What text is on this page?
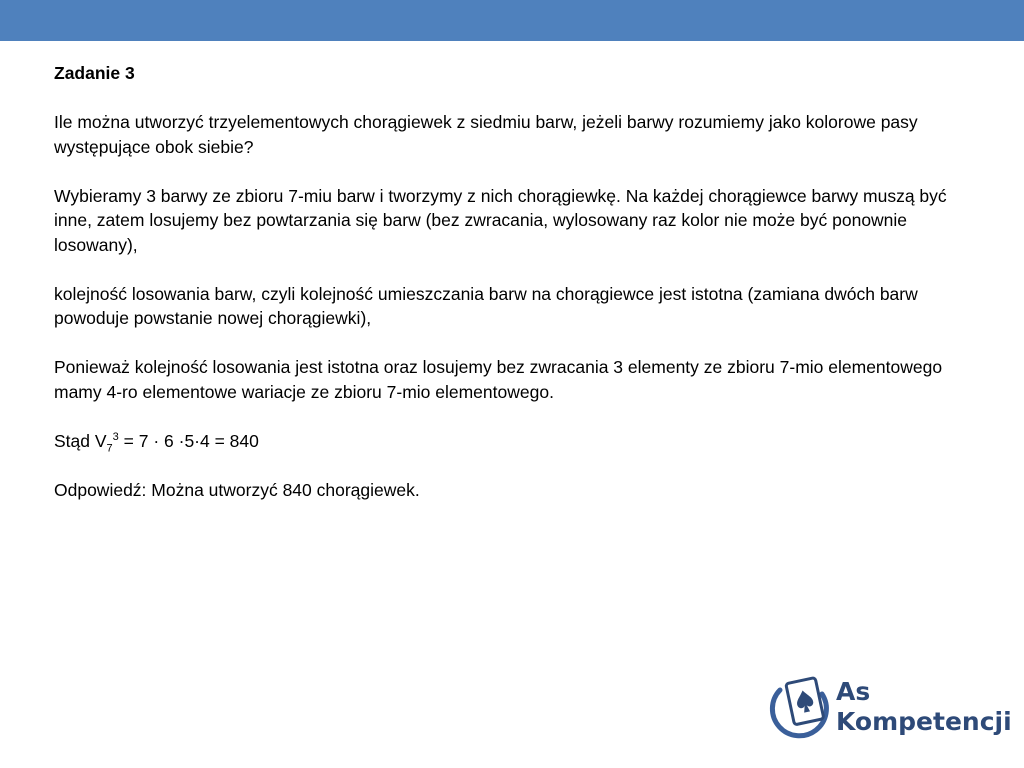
Zadanie 3

Ile można utworzyć trzyelementowych chorągiewek z siedmiu barw, jeżeli barwy rozumiemy jako kolorowe pasy występujące obok siebie?

Wybieramy 3 barwy ze zbioru 7-miu barw i tworzymy z nich chorągiewkę. Na każdej chorągiewce barwy muszą być inne, zatem losujemy bez powtarzania się barw (bez zwracania, wylosowany raz kolor nie może być ponownie losowany),

kolejność losowania barw, czyli kolejność umieszczania barw na chorągiewce jest istotna (zamiana dwóch barw powoduje powstanie nowej chorągiewki),

Ponieważ kolejność losowania jest istotna oraz losujemy bez zwracania 3 elementy ze zbioru 7-mio elementowego mamy 4-ro elementowe wariacje ze zbioru 7-mio elementowego.

Stąd $V_7^3 = 7 \cdot 6 \cdot 5\cdot 4 = 840$

Odpowiedź: Można utworzyć 840 chorągiewek.

As
Kompetencji
